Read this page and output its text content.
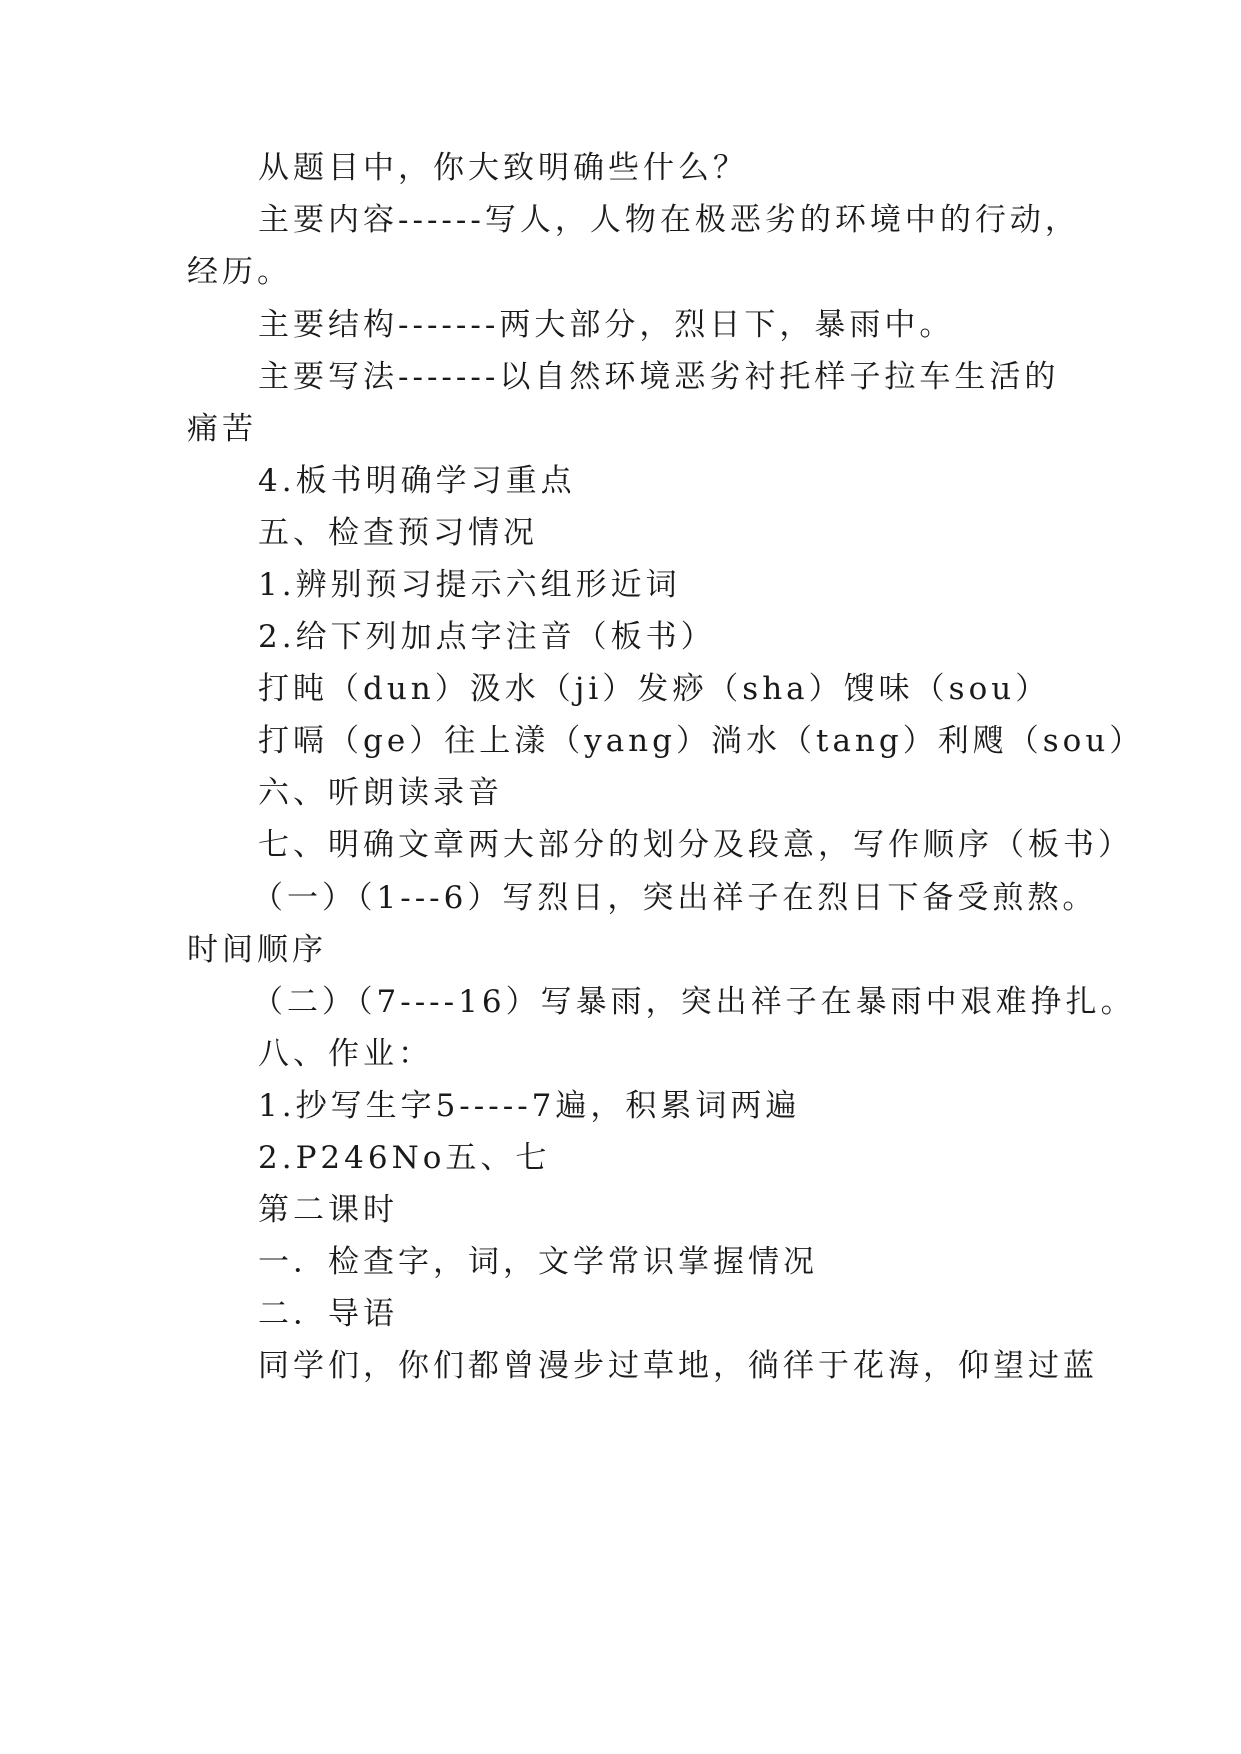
从题目中，你大致明确些什么？
主要内容------写人，人物在极恶劣的环境中的行动，
经历。
主要结构-------两大部分，烈日下，暴雨中。
主要写法-------以自然环境恶劣衬托样子拉车生活的
痛苦
4.板书明确学习重点
五、检查预习情况
1.辨别预习提示六组形近词
2.给下列加点字注音（板书）
打盹（dun）汲水（ji）发痧（sha）馊味（sou）
打嗝（ge）往上漾（yang）淌水（tang）利飕（sou）
六、听朗读录音
七、明确文章两大部分的划分及段意，写作顺序（板书）
（一）（1---6）写烈日，突出祥子在烈日下备受煎熬。
时间顺序
（二）（7----16）写暴雨，突出祥子在暴雨中艰难挣扎。
八、作业：
1.抄写生字5-----7遍，积累词两遍
2.P246No五、七
第二课时
一．检查字，词，文学常识掌握情况
二．导语
同学们，你们都曾漫步过草地，徜徉于花海，仰望过蓝
